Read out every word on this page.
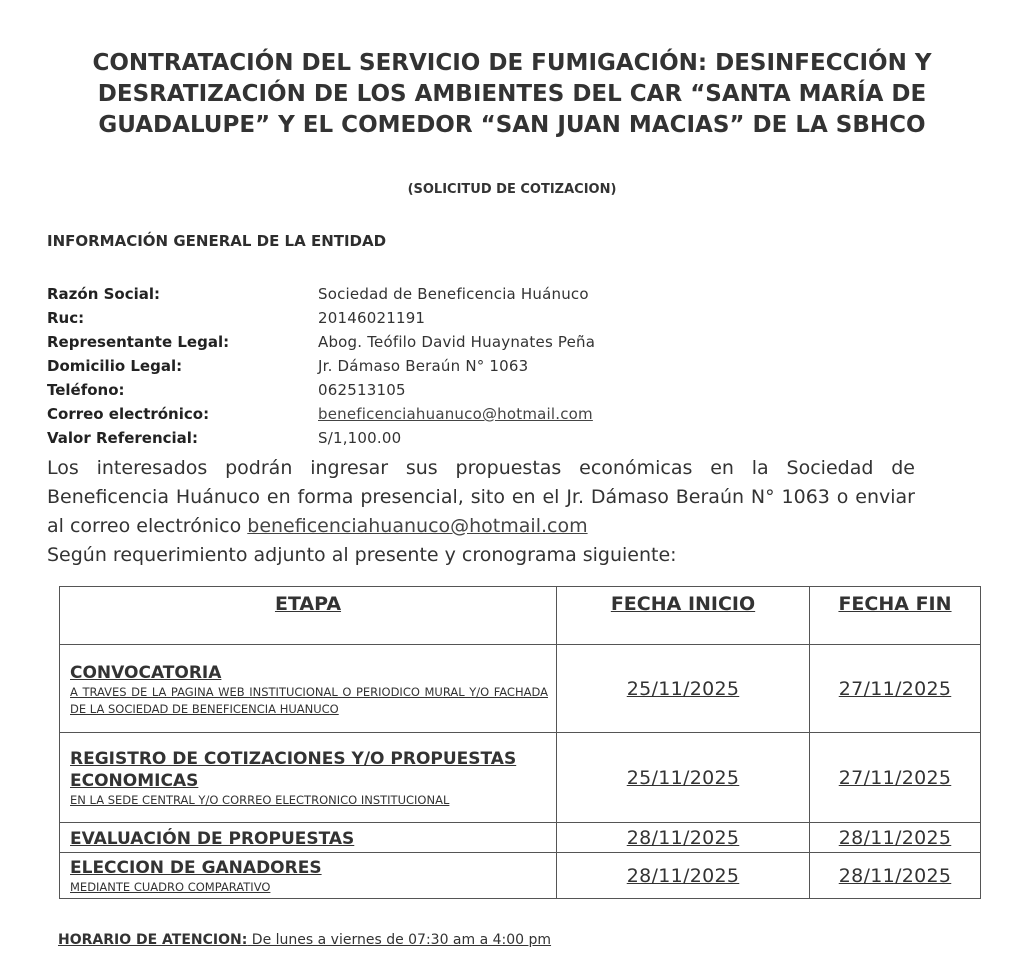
CONTRATACIÓN DEL SERVICIO DE FUMIGACIÓN: DESINFECCIÓN Y DESRATIZACIÓN DE LOS AMBIENTES DEL CAR “SANTA MARÍA DE GUADALUPE” Y EL COMEDOR “SAN JUAN MACIAS” DE LA SBHCO
(SOLICITUD DE COTIZACION)
INFORMACIÓN GENERAL DE LA ENTIDAD
Razón Social:	Sociedad de Beneficencia Huánuco
Ruc:	20146021191
Representante Legal:	Abog. Teófilo David Huaynates Peña
Domicilio Legal:	Jr. Dámaso Beraún N° 1063
Teléfono:	062513105
Correo electrónico:	beneficenciahuanuco@hotmail.com
Valor Referencial:	S/1,100.00
Los interesados podrán ingresar sus propuestas económicas en la Sociedad de Beneficencia Huánuco en forma presencial, sito en el Jr. Dámaso Beraún N° 1063 o enviar al correo electrónico beneficenciahuanuco@hotmail.com
Según requerimiento adjunto al presente y cronograma siguiente:
ETAPA	FECHA INICIO	FECHA FIN

CONVOCATORIA
A TRAVES DE LA PAGINA WEB INSTITUCIONAL O PERIODICO MURAL Y/O FACHADA DE LA SOCIEDAD DE BENEFICENCIA HUANUCO	25/11/2025	27/11/2025

REGISTRO DE COTIZACIONES Y/O PROPUESTAS ECONOMICAS
EN LA SEDE CENTRAL Y/O CORREO ELECTRONICO INSTITUCIONAL	25/11/2025	27/11/2025

EVALUACIÓN DE PROPUESTAS	28/11/2025	28/11/2025

ELECCION DE GANADORES
MEDIANTE CUADRO COMPARATIVO	28/11/2025	28/11/2025
HORARIO DE ATENCION: De lunes a viernes de 07:30 am a 4:00 pm
